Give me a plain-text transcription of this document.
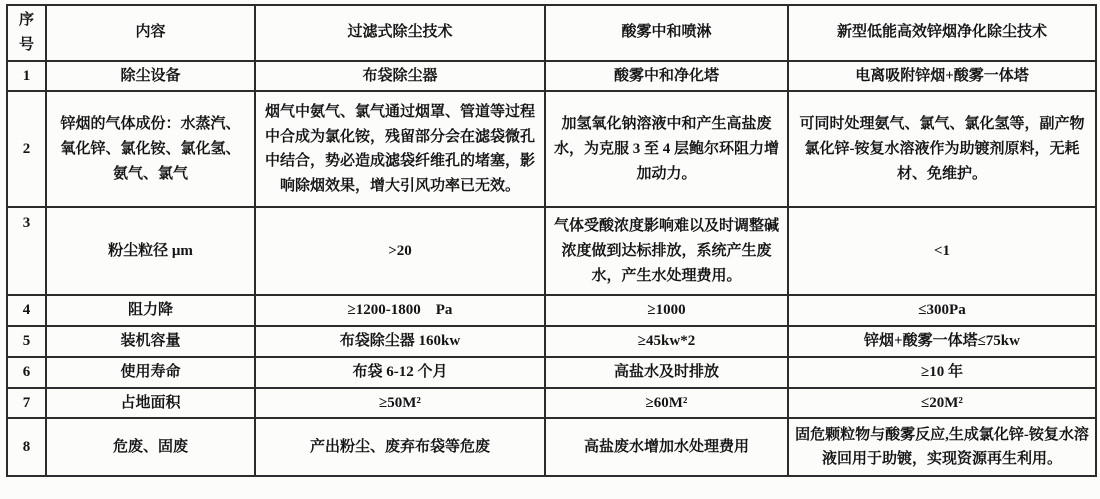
序号	内容	过滤式除尘技术	酸雾中和喷淋	新型低能高效锌烟净化除尘技术
1	除尘设备	布袋除尘器	酸雾中和净化塔	电离吸附锌烟+酸雾一体塔
2	锌烟的气体成份：水蒸汽、氧化锌、氯化铵、氯化氢、氨气、氯气	烟气中氨气、氯气通过烟罩、管道等过程中合成为氯化铵，残留部分会在滤袋微孔中结合，势必造成滤袋纤维孔的堵塞，影响除烟效果，增大引风功率已无效。	加氢氧化钠溶液中和产生高盐废水，为克服 3 至 4 层鲍尔环阻力增加动力。	可同时处理氨气、氯气、氯化氢等，副产物氯化锌-铵复水溶液作为助镀剂原料，无耗材、免维护。
3	粉尘粒径 μm	>20	气体受酸浓度影响难以及时调整碱浓度做到达标排放，系统产生废水，产生水处理费用。	<1
4	阻力降	≥1200-1800　Pa	≥1000	≤300Pa
5	装机容量	布袋除尘器 160kw	≥45kw*2	锌烟+酸雾一体塔≤75kw
6	使用寿命	布袋 6-12 个月	高盐水及时排放	≥10 年
7	占地面积	≥50M²	≥60M²	≤20M²
8	危废、固废	产出粉尘、废弃布袋等危废	高盐废水增加水处理费用	固危颗粒物与酸雾反应,生成氯化锌-铵复水溶液回用于助镀，实现资源再生利用。
